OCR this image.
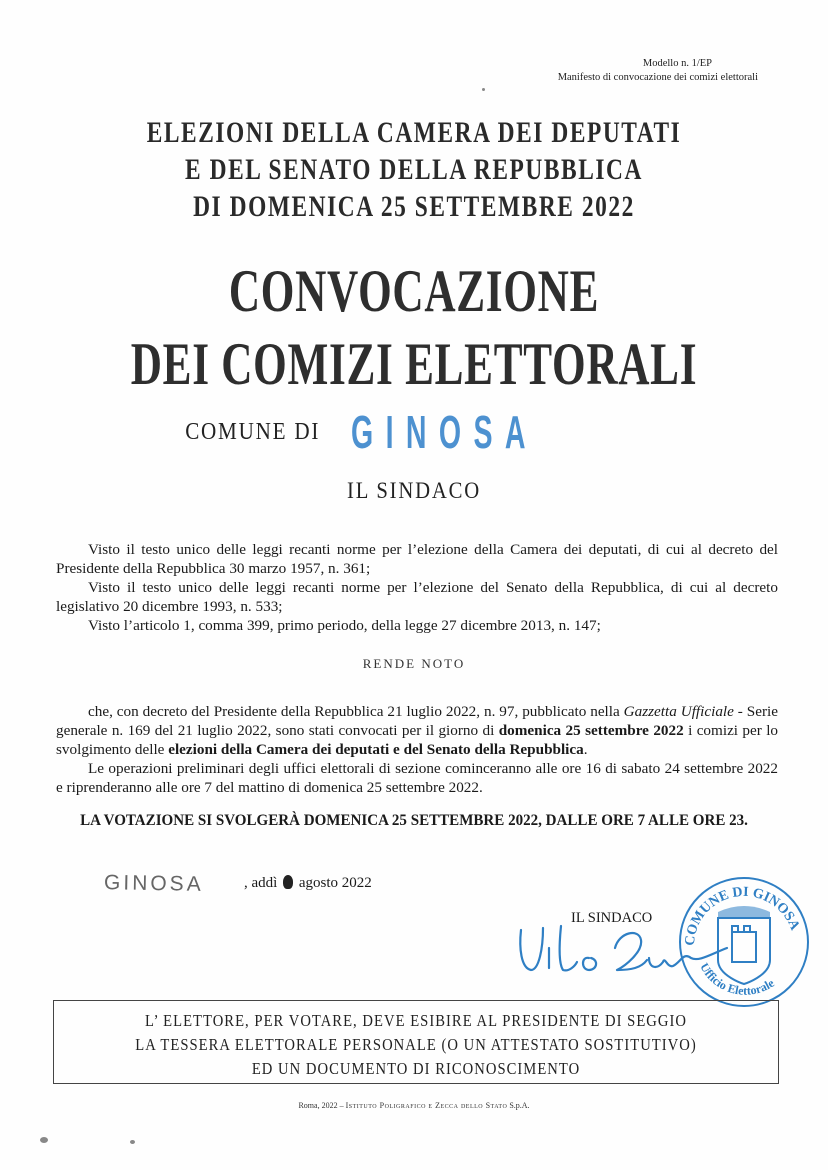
Modello n. 1/EP
Manifesto di convocazione dei comizi elettorali
ELEZIONI DELLA CAMERA DEI DEPUTATI
E DEL SENATO DELLA REPUBBLICA
DI DOMENICA 25 SETTEMBRE 2022
CONVOCAZIONE
DEI COMIZI ELETTORALI
COMUNE DI GINOSA
IL SINDACO

Visto il testo unico delle leggi recanti norme per l’elezione della Camera dei deputati, di cui al decreto del Presidente della Repubblica 30 marzo 1957, n. 361;

Visto il testo unico delle leggi recanti norme per l’elezione del Senato della Repubblica, di cui al decreto legislativo 20 dicembre 1993, n. 533;

Visto l’articolo 1, comma 399, primo periodo, della legge 27 dicembre 2013, n. 147;

RENDE NOTO

che, con decreto del Presidente della Repubblica 21 luglio 2022, n. 97, pubblicato nella Gazzetta Ufficiale - Serie generale n. 169 del 21 luglio 2022, sono stati convocati per il giorno di domenica 25 settembre 2022 i comizi per lo svolgimento delle elezioni della Camera dei deputati e del Senato della Repubblica.

Le operazioni preliminari degli uffici elettorali di sezione cominceranno alle ore 16 di sabato 24 settembre 2022 e riprenderanno alle ore 7 del mattino di domenica 25 settembre 2022.

LA VOTAZIONE SI SVOLGERÀ DOMENICA 25 SETTEMBRE 2022, DALLE ORE 7 ALLE ORE 23.
GINOSA	, addì agosto 2022
IL SINDACO
COMUNE DI GINOSA
Ufficio Elettorale
L’ ELETTORE, PER VOTARE, DEVE ESIBIRE AL PRESIDENTE DI SEGGIO
LA TESSERA ELETTORALE PERSONALE (O UN ATTESTATO SOSTITUTIVO)
ED UN DOCUMENTO DI RICONOSCIMENTO
Roma, 2022 – Istituto Poligrafico e Zecca dello Stato S.p.A.
